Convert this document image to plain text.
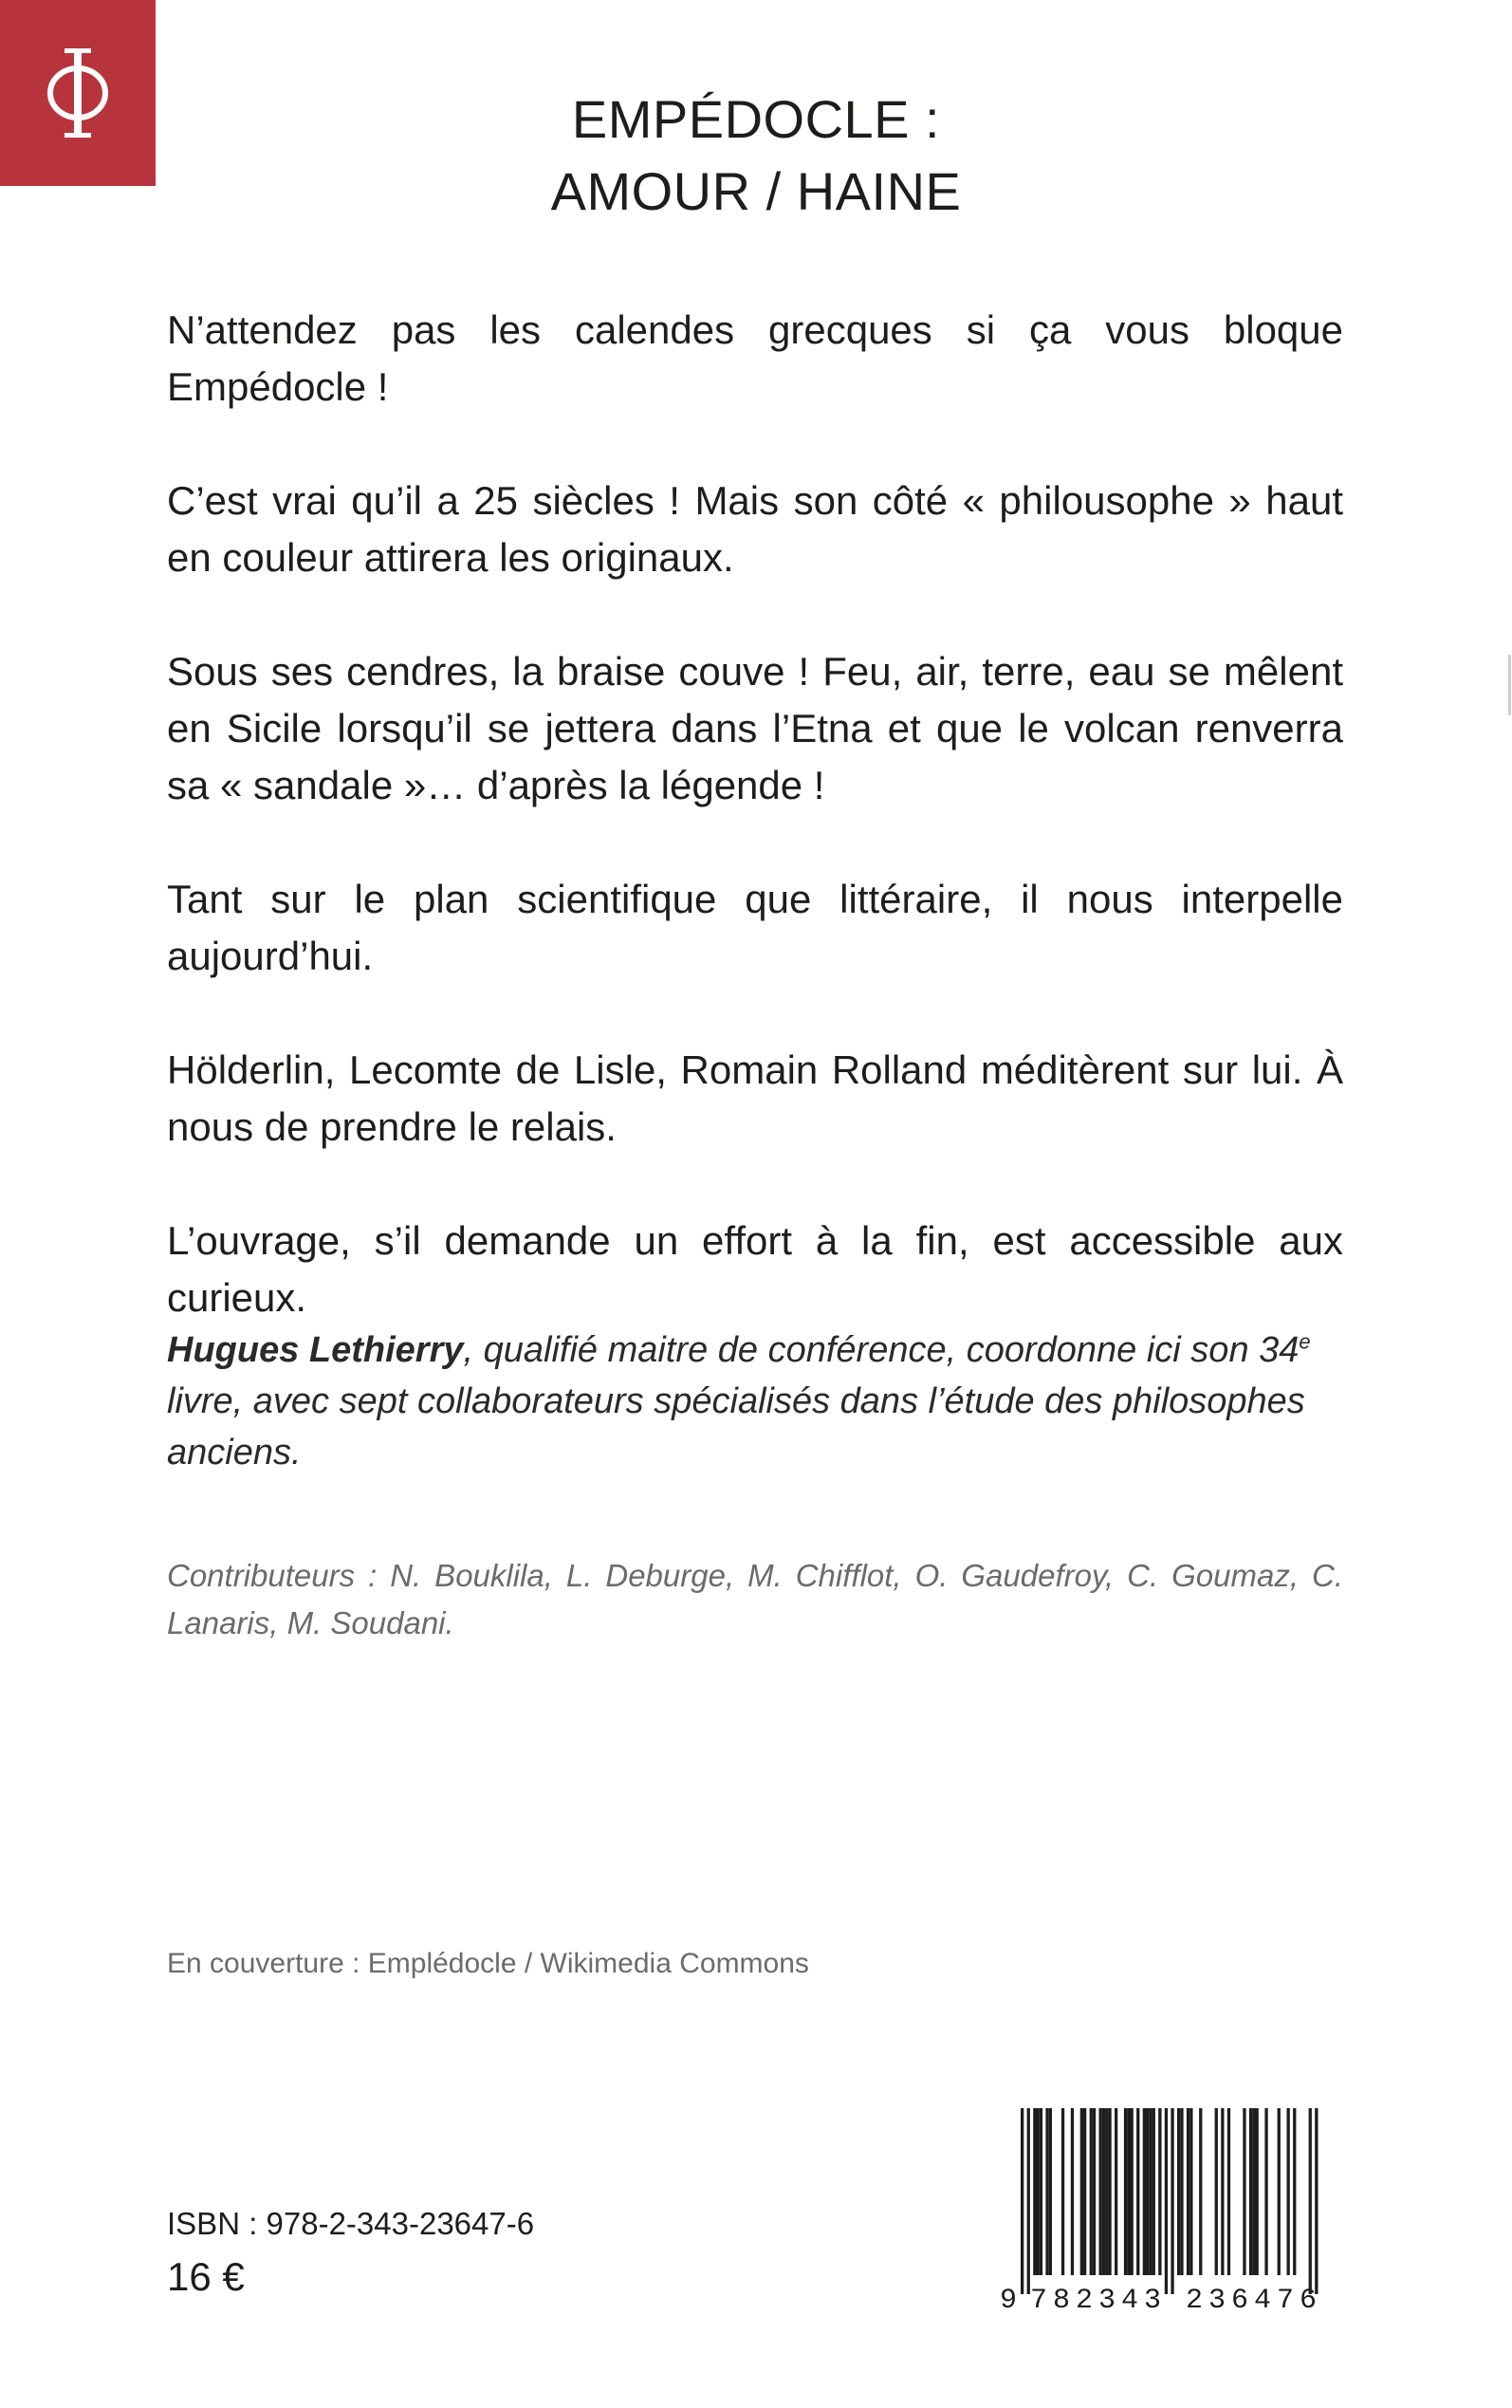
EMPÉDOCLE :
AMOUR / HAINE

N’attendez pas les calendes grecques si ça vous bloque Empédocle !

C’est vrai qu’il a 25 siècles ! Mais son côté « philousophe » haut en couleur attirera les originaux.

Sous ses cendres, la braise couve ! Feu, air, terre, eau se mêlent en Sicile lorsqu’il se jettera dans l’Etna et que le volcan renverra sa « sandale »… d’après la légende !

Tant sur le plan scientifique que littéraire, il nous interpelle aujourd’hui.

Hölderlin, Lecomte de Lisle, Romain Rolland méditèrent sur lui. À nous de prendre le relais.

L’ouvrage, s’il demande un effort à la fin, est accessible aux curieux.

Hugues Lethierry, qualifié maitre de conférence, coordonne ici son 34e livre, avec sept collaborateurs spécialisés dans l’étude des philosophes anciens.
Contributeurs : N. Bouklila, L. Deburge, M. Chifflot, O. Gaudefroy, C. Goumaz, C. Lanaris, M. Soudani.
En couverture : Emplédocle / Wikimedia Commons
ISBN : 978-2-343-23647-6
16 €
9 782343 236476
